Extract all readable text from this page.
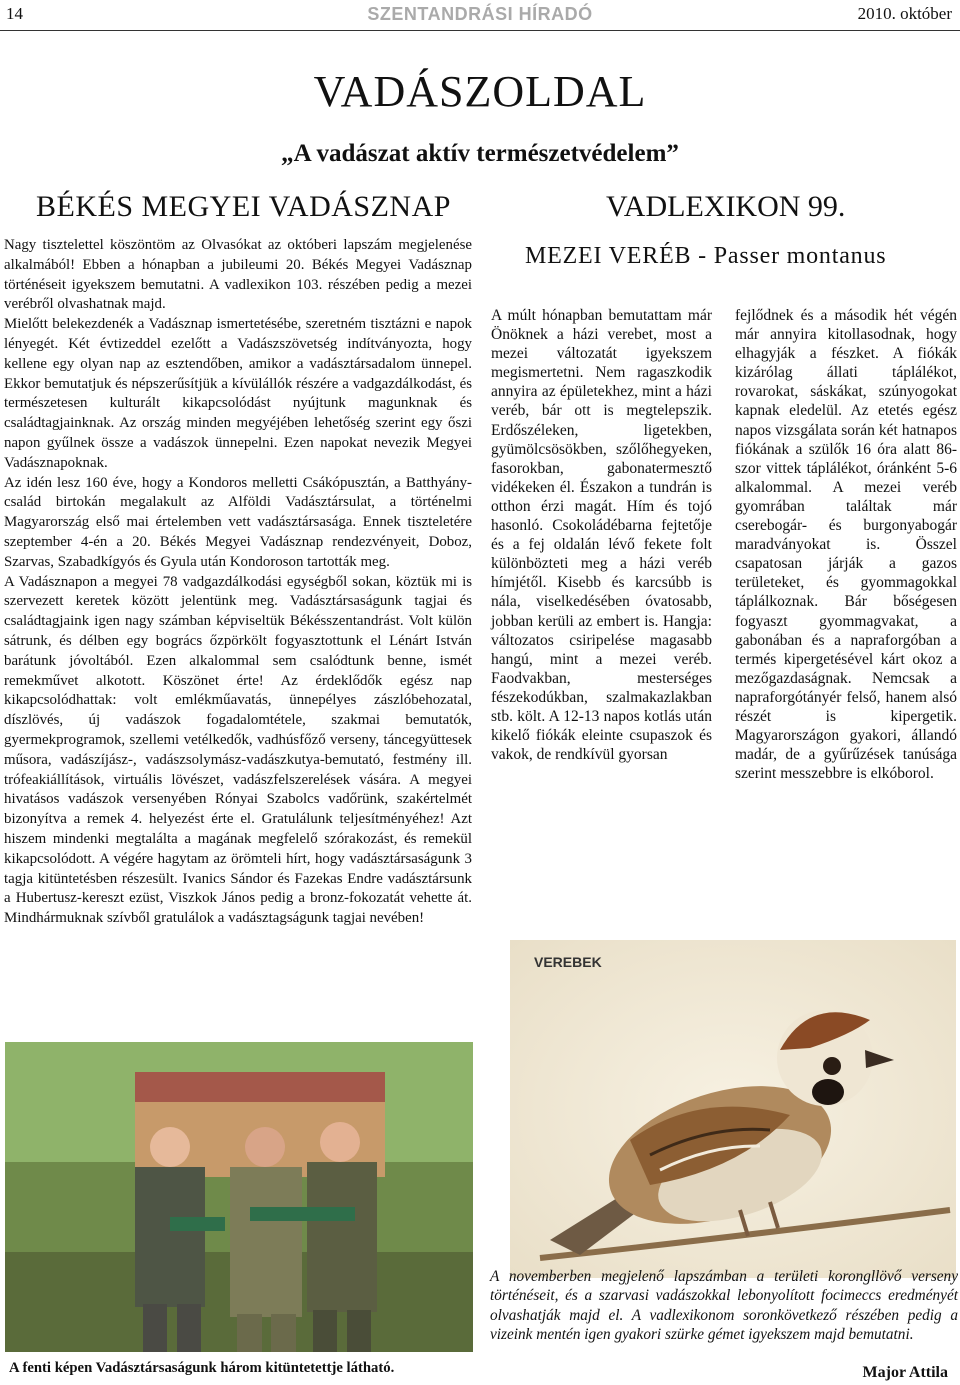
14	SZENTANDRÁSI HÍRADÓ	2010. október
VADÁSZOLDAL
„A vadászat aktív természetvédelem”
BÉKÉS MEGYEI VADÁSZNAP	VADLEXIKON 99.
MEZEI VERÉB - Passer montanus

Nagy tisztelettel köszöntöm az Olvasókat az októberi lapszám megjelenése alkalmából! Ebben a hónapban a jubileumi 20. Békés Megyei Vadásznap történéseit igyekszem bemutatni. A vadlexikon 103. részében pedig a mezei verébről olvashatnak majd.

Mielőtt belekezdenék a Vadásznap ismertetésébe, szeretném tisztázni e napok lényegét. Két évtizeddel ezelőtt a Vadászszövetség indítványozta, hogy kellene egy olyan nap az esztendőben, amikor a vadásztársadalom ünnepel. Ekkor bemutatjuk és népszerűsítjük a kívülállók részére a vadgazdálkodást, és természetesen kulturált kikapcsolódást nyújtunk magunknak és családtagjainknak. Az ország minden megyéjében lehetőség szerint egy őszi napon gyűlnek össze a vadászok ünnepelni. Ezen napokat nevezik Megyei Vadásznapoknak.

Az idén lesz 160 éve, hogy a Kondoros melletti Csákópusztán, a Batthyány-család birtokán megalakult az Alföldi Vadásztársulat, a történelmi Magyarország első mai értelemben vett vadásztársasága. Ennek tiszteletére szeptember 4-én a 20. Békés Megyei Vadásznap rendezvényeit, Doboz, Szarvas, Szabadkígyós és Gyula után Kondoroson tartották meg.

A Vadásznapon a megyei 78 vadgazdálkodási egységből sokan, köztük mi is szervezett keretek között jelentünk meg. Vadásztársaságunk tagjai és családtagjaink igen nagy számban képviseltük Békésszentandrást. Volt külön sátrunk, és délben egy bogrács őzpörkölt fogyasztottunk el Lénárt István barátunk jóvoltából. Ezen alkalommal sem csalódtunk benne, ismét remekművet alkotott. Köszönet érte! Az érdeklődők egész nap kikapcsolódhattak: volt emlékműavatás, ünnepélyes zászlóbehozatal, díszlövés, új vadászok fogadalomtétele, szakmai bemutatók, gyermekprogramok, szellemi vetélkedők, vadhúsfőző verseny, táncegyüttesek műsora, vadászíjász-, vadászsolymász-vadászkutya-bemutató, festmény ill. trófeakiállítások, virtuális lövészet, vadászfelszerelések vására. A megyei hivatásos vadászok versenyében Rónyai Szabolcs vadőrünk, szakértelmét bizonyítva a remek 4. helyezést érte el. Gratulálunk teljesítményéhez! Azt hiszem mindenki megtalálta a magának megfelelő szórakozást, és remekül kikapcsolódott. A végére hagytam az örömteli hírt, hogy vadásztársaságunk 3 tagja kitüntetésben részesült. Ivanics Sándor és Fazekas Endre vadásztársunk a Hubertusz-kereszt ezüst, Viszkok János pedig a bronz-fokozatát vehette át. Mindhármuknak szívből gratulálok a vadásztagságunk tagjai nevében!

A múlt hónapban bemutattam már Önöknek a házi verebet, most a mezei változatát igyekszem megismertetni. Nem ragaszkodik annyira az épületekhez, mint a házi veréb, bár ott is megtelepszik. Erdőszéleken, ligetekben, gyümölcsösökben, szőlőhegyeken, fasorokban, gabonatermesztő vidékeken él. Északon a tundrán is otthon érzi magát. Hím és tojó hasonló. Csokoládébarna fejtetője és a fej oldalán lévő fekete folt különbözteti meg a házi veréb hímjétől. Kisebb és karcsúbb is nála, viselkedésében óvatosabb, jobban kerüli az embert is. Hangja: változatos csiripelése magasabb hangú, mint a mezei veréb. Faodvakban, mesterséges fészekodúkban, szalmakazlakban stb. költ. A 12-13 napos kotlás után kikelő fiókák eleinte csupaszok és vakok, de rendkívül gyorsan

fejlődnek és a második hét végén már annyira kitollasodnak, hogy elhagyják a fészket. A fiókák kizárólag állati táplálékot, rovarokat, sáskákat, szúnyogokat kapnak eledelül. Az etetés egész napos vizsgálata során két hatnapos fiókának a szülők 16 óra alatt 86-szor vittek táplálékot, óránként 5-6 alkalommal. A mezei veréb gyomrában találtak már cserebogár- és burgonyabogár maradványokat is. Összel csapatosan járják a gazos területeket, és gyommagokkal táplálkoznak. Bár bőségesen fogyaszt gyommagvakat, a gabonában és a napraforgóban a termés kipergetésével kárt okoz a mezőgazdaságnak. Nemcsak a napraforgótányér felső, hanem alsó részét is kipergetik. Magyarországon gyakori, állandó madár, de a gyűrűzések tanúsága szerint messzebbre is elkóborol.

VEREBEK
A fenti képen Vadásztársaságunk három kitüntetettje látható.
A novemberben megjelenő lapszámban a területi korongllövő verseny történéseit, és a szarvasi vadászokkal lebonyolított focimeccs eredményét olvashatják majd el. A vadlexikonom soronkövetkező részében pedig a vizeink mentén igen gyakori szürke gémet igyekszem majd bemutatni.
Major Attila
